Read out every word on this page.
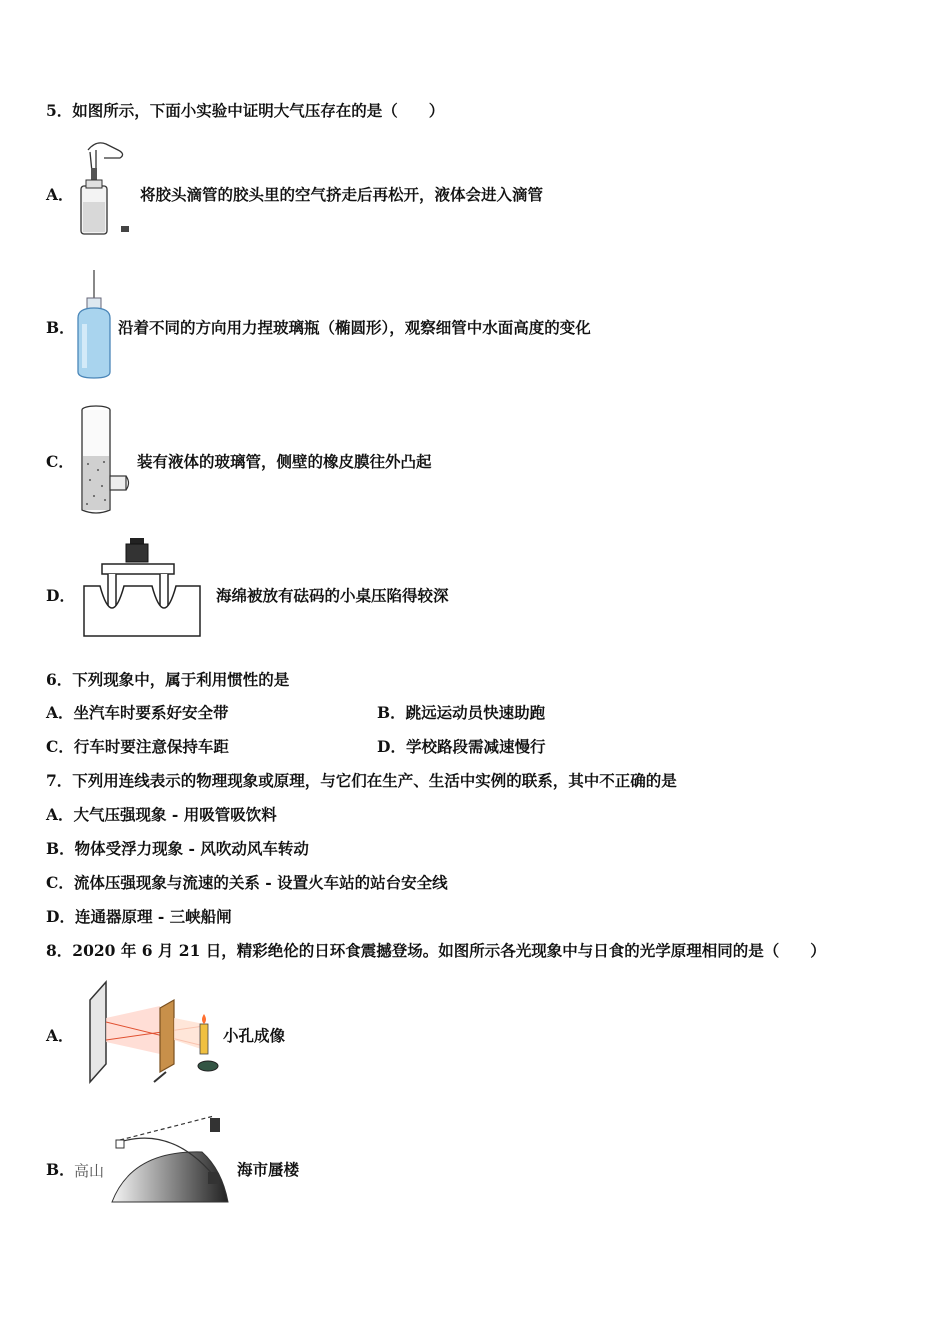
5．如图所示，下面小实验中证明大气压存在的是（　　）
A．	将胶头滴管的胶头里的空气挤走后再松开，液体会进入滴管
B．	沿着不同的方向用力捏玻璃瓶（椭圆形），观察细管中水面高度的变化
C．	装有液体的玻璃管，侧壁的橡皮膜往外凸起
D．	海绵被放有砝码的小桌压陷得较深
6．下列现象中，属于利用惯性的是
A．坐汽车时要系好安全带	B．跳远运动员快速助跑
C．行车时要注意保持车距	D．学校路段需减速慢行
7．下列用连线表示的物理现象或原理，与它们在生产、生活中实例的联系，其中不正确的是
A．大气压强现象 - 用吸管吸饮料
B．物体受浮力现象 - 风吹动风车转动
C．流体压强现象与流速的关系 - 设置火车站的站台安全线
D．连通器原理 - 三峡船闸
8．2020 年 6 月 21 日，精彩绝伦的日环食震撼登场。如图所示各光现象中与日食的光学原理相同的是（　　）
A．	小孔成像
B． 高山	海市蜃楼
